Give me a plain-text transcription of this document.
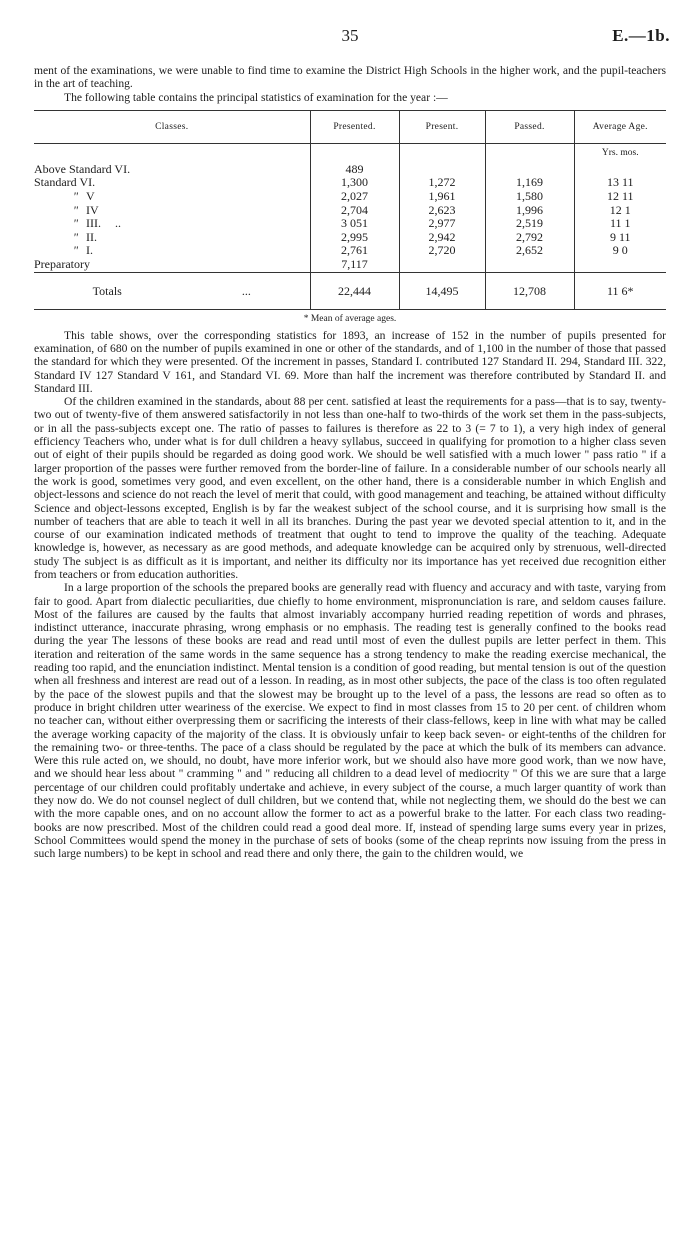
35	E.—1b.

ment of the examinations, we were unable to find time to examine the District High Schools in the higher work, and the pupil-teachers in the art of teaching.

The following table contains the principal statistics of examination for the year :—

Classes.	Presented.	Present.	Passed.	Average Age.
				Yrs. mos.
Above Standard VI.	489			
Standard VI.	1,300	1,272	1,169	13 11
" V	2,027	1,961	1,580	12 11
" IV	2,704	2,623	1,996	12 1
" III. ..	3 051	2,977	2,519	11 1
" II.	2,995	2,942	2,792	9 11
" I.	2,761	2,720	2,652	9 0
Preparatory	7,117			
Totals ...	22,444	14,495	12,708	11 6*
* Mean of average ages.

This table shows, over the corresponding statistics for 1893, an increase of 152 in the number of pupils presented for examination, of 680 on the number of pupils examined in one or other of the standards, and of 1,100 in the number of those that passed the standard for which they were presented. Of the increment in passes, Standard I. contributed 127 Standard II. 294, Standard III. 322, Standard IV 127 Standard V 161, and Standard VI. 69. More than half the increment was therefore contributed by Standard II. and Standard III.

Of the children examined in the standards, about 88 per cent. satisfied at least the requirements for a pass—that is to say, twenty-two out of twenty-five of them answered satisfactorily in not less than one-half to two-thirds of the work set them in the pass-subjects, or in all the pass-subjects except one. The ratio of passes to failures is therefore as 22 to 3 (= 7 to 1), a very high index of general efficiency Teachers who, under what is for dull children a heavy syllabus, succeed in qualifying for promotion to a higher class seven out of eight of their pupils should be regarded as doing good work. We should be well satisfied with a much lower " pass ratio " if a larger proportion of the passes were further removed from the border-line of failure. In a considerable number of our schools nearly all the work is good, sometimes very good, and even excellent, on the other hand, there is a considerable number in which English and object-lessons and science do not reach the level of merit that could, with good management and teaching, be attained without difficulty Science and object-lessons excepted, English is by far the weakest subject of the school course, and it is surprising how small is the number of teachers that are able to teach it well in all its branches. During the past year we devoted special attention to it, and in the course of our examination indicated methods of treatment that ought to tend to improve the quality of the teaching. Adequate knowledge is, however, as necessary as are good methods, and adequate knowledge can be acquired only by strenuous, well-directed study The subject is as difficult as it is important, and neither its difficulty nor its importance has yet received due recognition either from teachers or from education authorities.

In a large proportion of the schools the prepared books are generally read with fluency and accuracy and with taste, varying from fair to good. Apart from dialectic peculiarities, due chiefly to home environment, mispronunciation is rare, and seldom causes failure. Most of the failures are caused by the faults that almost invariably accompany hurried reading repetition of words and phrases, indistinct utterance, inaccurate phrasing, wrong emphasis or no emphasis. The reading test is generally confined to the books read during the year The lessons of these books are read and read until most of even the dullest pupils are letter perfect in them. This iteration and reiteration of the same words in the same sequence has a strong tendency to make the reading exercise mechanical, the reading too rapid, and the enunciation indistinct. Mental tension is a condition of good reading, but mental tension is out of the question when all freshness and interest are read out of a lesson. In reading, as in most other subjects, the pace of the class is too often regulated by the pace of the slowest pupils and that the slowest may be brought up to the level of a pass, the lessons are read so often as to produce in bright children utter weariness of the exercise. We expect to find in most classes from 15 to 20 per cent. of children whom no teacher can, without either overpressing them or sacrificing the interests of their class-fellows, keep in line with what may be called the average working capacity of the majority of the class. It is obviously unfair to keep back seven- or eight-tenths of the children for the remaining two- or three-tenths. The pace of a class should be regulated by the pace at which the bulk of its members can advance. Were this rule acted on, we should, no doubt, have more inferior work, but we should also have more good work, than we now have, and we should hear less about " cramming " and " reducing all children to a dead level of mediocrity " Of this we are sure that a large percentage of our children could profitably undertake and achieve, in every subject of the course, a much larger quantity of work than they now do. We do not counsel neglect of dull children, but we contend that, while not neglecting them, we should do the best we can with the more capable ones, and on no account allow the former to act as a powerful brake to the latter. For each class two reading-books are now prescribed. Most of the children could read a good deal more. If, instead of spending large sums every year in prizes, School Committees would spend the money in the purchase of sets of books (some of the cheap reprints now issuing from the press in such large numbers) to be kept in school and read there and only there, the gain to the children would, we
